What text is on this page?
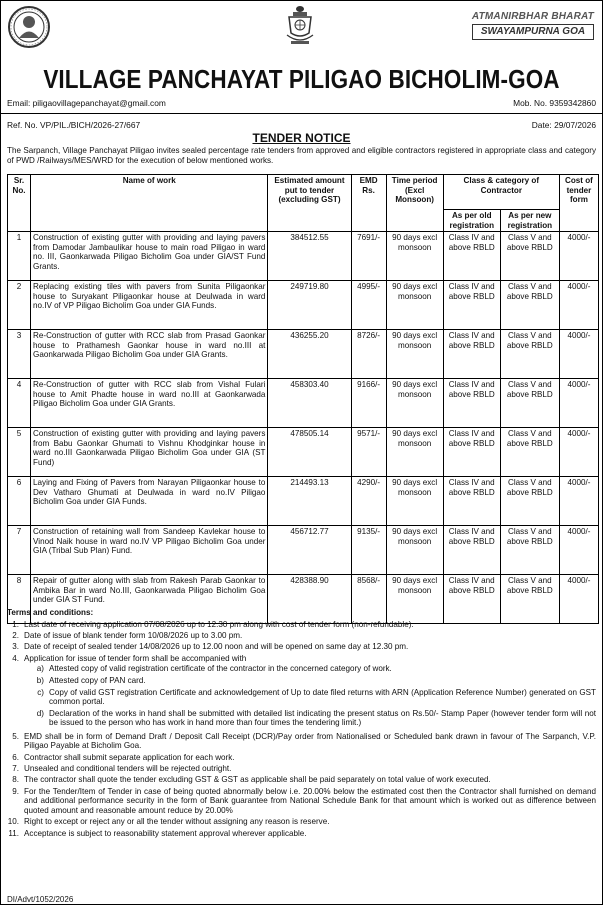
ATMANIRBHAR BHARAT
SWAYAMPURNA GOA
VILLAGE PANCHAYAT PILIGAO BICHOLIM-GOA
Email: piligaovillagepanchayat@gmail.com	Mob. No. 9359342860
Ref. No. VP/PIL./BICH/2026-27/667	Date: 29/07/2026
TENDER NOTICE
The Sarpanch, Village Panchayat Piligao invites sealed percentage rate tenders from approved and eligible contractors registered in appropriate class and category of PWD /Railways/MES/WRD for the execution of below mentioned works.
Sr. No.	Name of work	Estimated amount put to tender (excluding GST)	EMD Rs.	Time period (Excl Monsoon)	Class & category of Contractor		Cost of tender form
					As per old registration	As per new registration	
1	Construction of existing gutter with providing and laying pavers from Damodar Jambaulikar house to main road Piligao in ward no. III, Gaonkarwada Piligao Bicholim Goa under GIA/ST Fund Grants.	384512.55	7691/-	90 days excl monsoon	Class IV and above RBLD	Class V and above RBLD	4000/-
2	Replacing existing tiles with pavers from Sunita Piligaonkar house to Suryakant Piligaonkar house at Deulwada in ward no.IV of VP Piligao Bicholim Goa under GIA Funds.	249719.80	4995/-	90 days excl monsoon	Class IV and above RBLD	Class V and above RBLD	4000/-
3	Re-Construction of gutter with RCC slab from Prasad Gaonkar house to Prathamesh Gaonkar house in ward no.III at Gaonkarwada Piligao Bicholim Goa under GIA Grants.	436255.20	8726/-	90 days excl monsoon	Class IV and above RBLD	Class V and above RBLD	4000/-
4	Re-Construction of gutter with RCC slab from Vishal Fulari house to Amit Phadte house in ward no.III at Gaonkarwada Piligao Bicholim Goa under GIA Grants.	458303.40	9166/-	90 days excl monsoon	Class IV and above RBLD	Class V and above RBLD	4000/-
5	Construction of existing gutter with providing and laying pavers from Babu Gaonkar Ghumati to Vishnu Khodginkar house in ward no.III Gaonkarwada Piligao Bicholim Goa under GIA (ST Fund)	478505.14	9571/-	90 days excl monsoon	Class IV and above RBLD	Class V and above RBLD	4000/-
6	Laying and Fixing of Pavers from Narayan Piligaonkar house to Dev Vatharo Ghumati at Deulwada in ward no.IV Piligao Bicholim Goa under GIA Funds.	214493.13	4290/-	90 days excl monsoon	Class IV and above RBLD	Class V and above RBLD	4000/-
7	Construction of retaining wall from Sandeep Kavlekar house to Vinod Naik house in ward no.IV VP Piligao Bicholim Goa under GIA (Tribal Sub Plan) Fund.	456712.77	9135/-	90 days excl monsoon	Class IV and above RBLD	Class V and above RBLD	4000/-
8	Repair of gutter along with slab from Rakesh Parab Gaonkar to Ambika Bar in ward No.III, Gaonkarwada Piligao Bicholim Goa under GIA ST Fund.	428388.90	8568/-	90 days excl monsoon	Class IV and above RBLD	Class V and above RBLD	4000/-
Terms and conditions:
1. Last date of receiving application 07/08/2026 up to 12.30 pm along with cost of tender form (non-refundable).
2. Date of issue of blank tender form 10/08/2026 up to 3.00 pm.
3. Date of receipt of sealed tender 14/08/2026 up to 12.00 noon and will be opened on same day at 12.30 pm.
4. Application for issue of tender form shall be accompanied with
a) Attested copy of valid registration certificate of the contractor in the concerned category of work.
b) Attested copy of PAN card.
c) Copy of valid GST registration Certificate and acknowledgement of Up to date filed returns with ARN (Application Reference Number) generated on GST common portal.
d) Declaration of the works in hand shall be submitted with detailed list indicating the present status on Rs.50/- Stamp Paper (however tender form will not be issued to the person who has work in hand more than four times the tendering limit.)
5. EMD shall be in form of Demand Draft / Deposit Call Receipt (DCR)/Pay order from Nationalised or Scheduled bank drawn in favour of The Sarpanch, V.P. Piligao Payable at Bicholim Goa.
6. Contractor shall submit separate application for each work.
7. Unsealed and conditional tenders will be rejected outright.
8. The contractor shall quote the tender excluding GST & GST as applicable shall be paid separately on total value of work executed.
9. For the Tender/Item of Tender in case of being quoted abnormally below i.e. 20.00% below the estimated cost then the Contractor shall furnished on demand and additional performance security in the form of Bank guarantee from National Schedule Bank for that amount which is worked out as difference between quoted amount and reasonable amount reduce by 20.00%
10. Right to except or reject any or all the tender without assigning any reason is reserve.
11. Acceptance is subject to reasonability statement approval wherever applicable.
DI/Advt/1052/2026
